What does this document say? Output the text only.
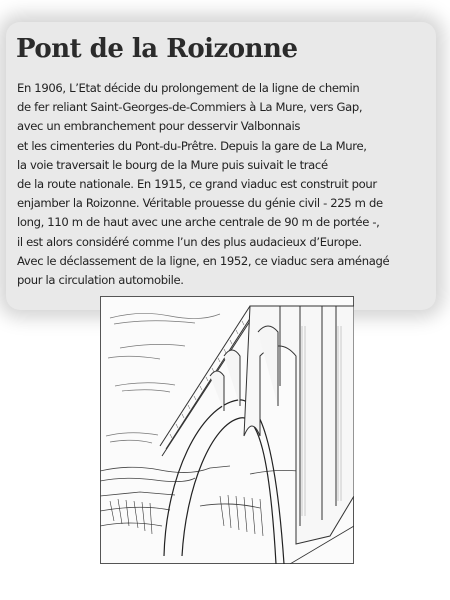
Pont de la Roizonne
En 1906, L’Etat décide du prolongement de la ligne de chemin
de fer reliant Saint-Georges-de-Commiers à La Mure, vers Gap,
avec un embranchement pour desservir Valbonnais
et les cimenteries du Pont-du-Prêtre. Depuis la gare de La Mure,
la voie traversait le bourg de la Mure puis suivait le tracé
de la route nationale. En 1915, ce grand viaduc est construit pour
enjamber la Roizonne. Véritable prouesse du génie civil - 225 m de
long, 110 m de haut avec une arche centrale de 90 m de portée -,
il est alors considéré comme l’un des plus audacieux d’Europe.
Avec le déclassement de la ligne, en 1952, ce viaduc sera aménagé
pour la circulation automobile.
